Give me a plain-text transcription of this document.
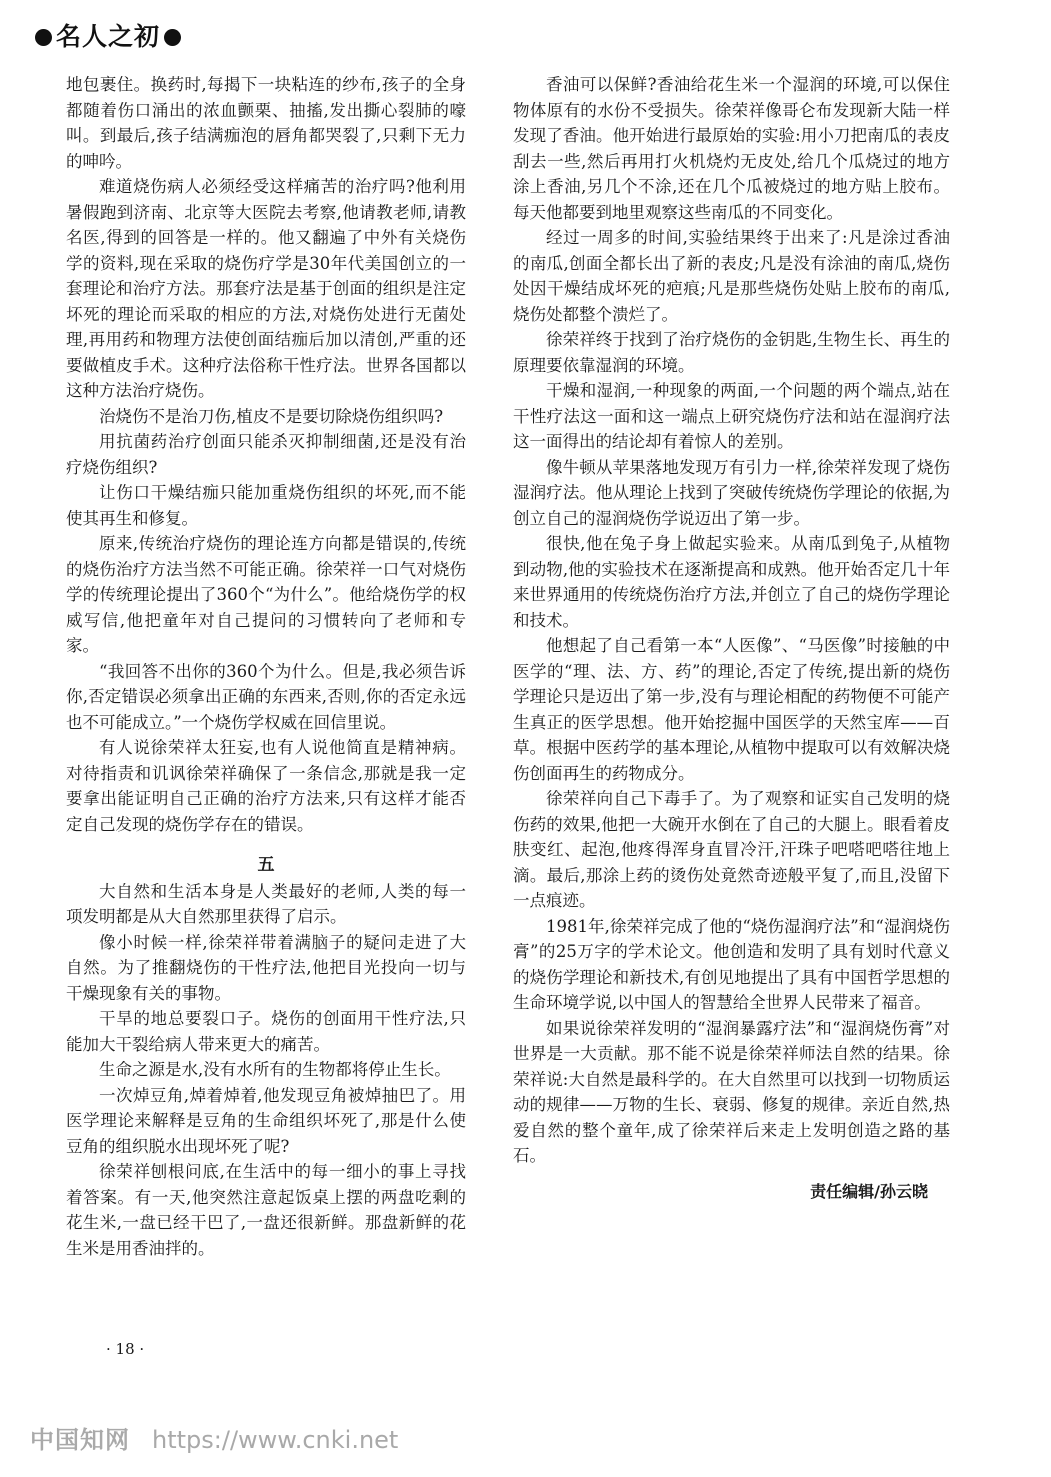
名人之初

地包裹住。换药时,每揭下一块粘连的纱布,孩子的全身都随着伤口涌出的浓血颤栗、抽搐,发出撕心裂肺的嚎叫。到最后,孩子结满痂泡的唇角都哭裂了,只剩下无力的呻吟。

难道烧伤病人必须经受这样痛苦的治疗吗?他利用暑假跑到济南、北京等大医院去考察,他请教老师,请教名医,得到的回答是一样的。他又翻遍了中外有关烧伤学的资料,现在采取的烧伤疗学是30年代美国创立的一套理论和治疗方法。那套疗法是基于创面的组织是注定坏死的理论而采取的相应的方法,对烧伤处进行无菌处理,再用药和物理方法使创面结痂后加以清创,严重的还要做植皮手术。这种疗法俗称干性疗法。世界各国都以这种方法治疗烧伤。

治烧伤不是治刀伤,植皮不是要切除烧伤组织吗?

用抗菌药治疗创面只能杀灭抑制细菌,还是没有治疗烧伤组织?

让伤口干燥结痂只能加重烧伤组织的坏死,而不能使其再生和修复。

原来,传统治疗烧伤的理论连方向都是错误的,传统的烧伤治疗方法当然不可能正确。徐荣祥一口气对烧伤学的传统理论提出了360个“为什么”。他给烧伤学的权威写信,他把童年对自己提问的习惯转向了老师和专家。

“我回答不出你的360个为什么。但是,我必须告诉你,否定错误必须拿出正确的东西来,否则,你的否定永远也不可能成立。”一个烧伤学权威在回信里说。

有人说徐荣祥太狂妄,也有人说他简直是精神病。对待指责和讥讽徐荣祥确保了一条信念,那就是我一定要拿出能证明自己正确的治疗方法来,只有这样才能否定自己发现的烧伤学存在的错误。

五

大自然和生活本身是人类最好的老师,人类的每一项发明都是从大自然那里获得了启示。

像小时候一样,徐荣祥带着满脑子的疑问走进了大自然。为了推翻烧伤的干性疗法,他把目光投向一切与干燥现象有关的事物。

干旱的地总要裂口子。烧伤的创面用干性疗法,只能加大干裂给病人带来更大的痛苦。

生命之源是水,没有水所有的生物都将停止生长。

一次焯豆角,焯着焯着,他发现豆角被焯抽巴了。用医学理论来解释是豆角的生命组织坏死了,那是什么使豆角的组织脱水出现坏死了呢?

徐荣祥刨根问底,在生活中的每一细小的事上寻找着答案。有一天,他突然注意起饭桌上摆的两盘吃剩的花生米,一盘已经干巴了,一盘还很新鲜。那盘新鲜的花生米是用香油拌的。

香油可以保鲜?香油给花生米一个湿润的环境,可以保住物体原有的水份不受损失。徐荣祥像哥仑布发现新大陆一样发现了香油。他开始进行最原始的实验:用小刀把南瓜的表皮刮去一些,然后再用打火机烧灼无皮处,给几个瓜烧过的地方涂上香油,另几个不涂,还在几个瓜被烧过的地方贴上胶布。每天他都要到地里观察这些南瓜的不同变化。

经过一周多的时间,实验结果终于出来了:凡是涂过香油的南瓜,创面全都长出了新的表皮;凡是没有涂油的南瓜,烧伤处因干燥结成坏死的疤痕;凡是那些烧伤处贴上胶布的南瓜,烧伤处都整个溃烂了。

徐荣祥终于找到了治疗烧伤的金钥匙,生物生长、再生的原理要依靠湿润的环境。

干燥和湿润,一种现象的两面,一个问题的两个端点,站在干性疗法这一面和这一端点上研究烧伤疗法和站在湿润疗法这一面得出的结论却有着惊人的差别。

像牛顿从苹果落地发现万有引力一样,徐荣祥发现了烧伤湿润疗法。他从理论上找到了突破传统烧伤学理论的依据,为创立自己的湿润烧伤学说迈出了第一步。

很快,他在兔子身上做起实验来。从南瓜到兔子,从植物到动物,他的实验技术在逐渐提高和成熟。他开始否定几十年来世界通用的传统烧伤治疗方法,并创立了自己的烧伤学理论和技术。

他想起了自己看第一本“人医像”、“马医像”时接触的中医学的“理、法、方、药”的理论,否定了传统,提出新的烧伤学理论只是迈出了第一步,没有与理论相配的药物便不可能产生真正的医学思想。他开始挖掘中国医学的天然宝库——百草。根据中医药学的基本理论,从植物中提取可以有效解决烧伤创面再生的药物成分。

徐荣祥向自己下毒手了。为了观察和证实自己发明的烧伤药的效果,他把一大碗开水倒在了自己的大腿上。眼看着皮肤变红、起泡,他疼得浑身直冒冷汗,汗珠子吧嗒吧嗒往地上滴。最后,那涂上药的烫伤处竟然奇迹般平复了,而且,没留下一点痕迹。

1981年,徐荣祥完成了他的“烧伤湿润疗法”和“湿润烧伤膏”的25万字的学术论文。他创造和发明了具有划时代意义的烧伤学理论和新技术,有创见地提出了具有中国哲学思想的生命环境学说,以中国人的智慧给全世界人民带来了福音。

如果说徐荣祥发明的“湿润暴露疗法”和“湿润烧伤膏”对世界是一大贡献。那不能不说是徐荣祥师法自然的结果。徐荣祥说:大自然是最科学的。在大自然里可以找到一切物质运动的规律——万物的生长、衰弱、修复的规律。亲近自然,热爱自然的整个童年,成了徐荣祥后来走上发明创造之路的基石。

责任编辑/孙云晓

· 18 ·
中国知网 https://www.cnki.net
